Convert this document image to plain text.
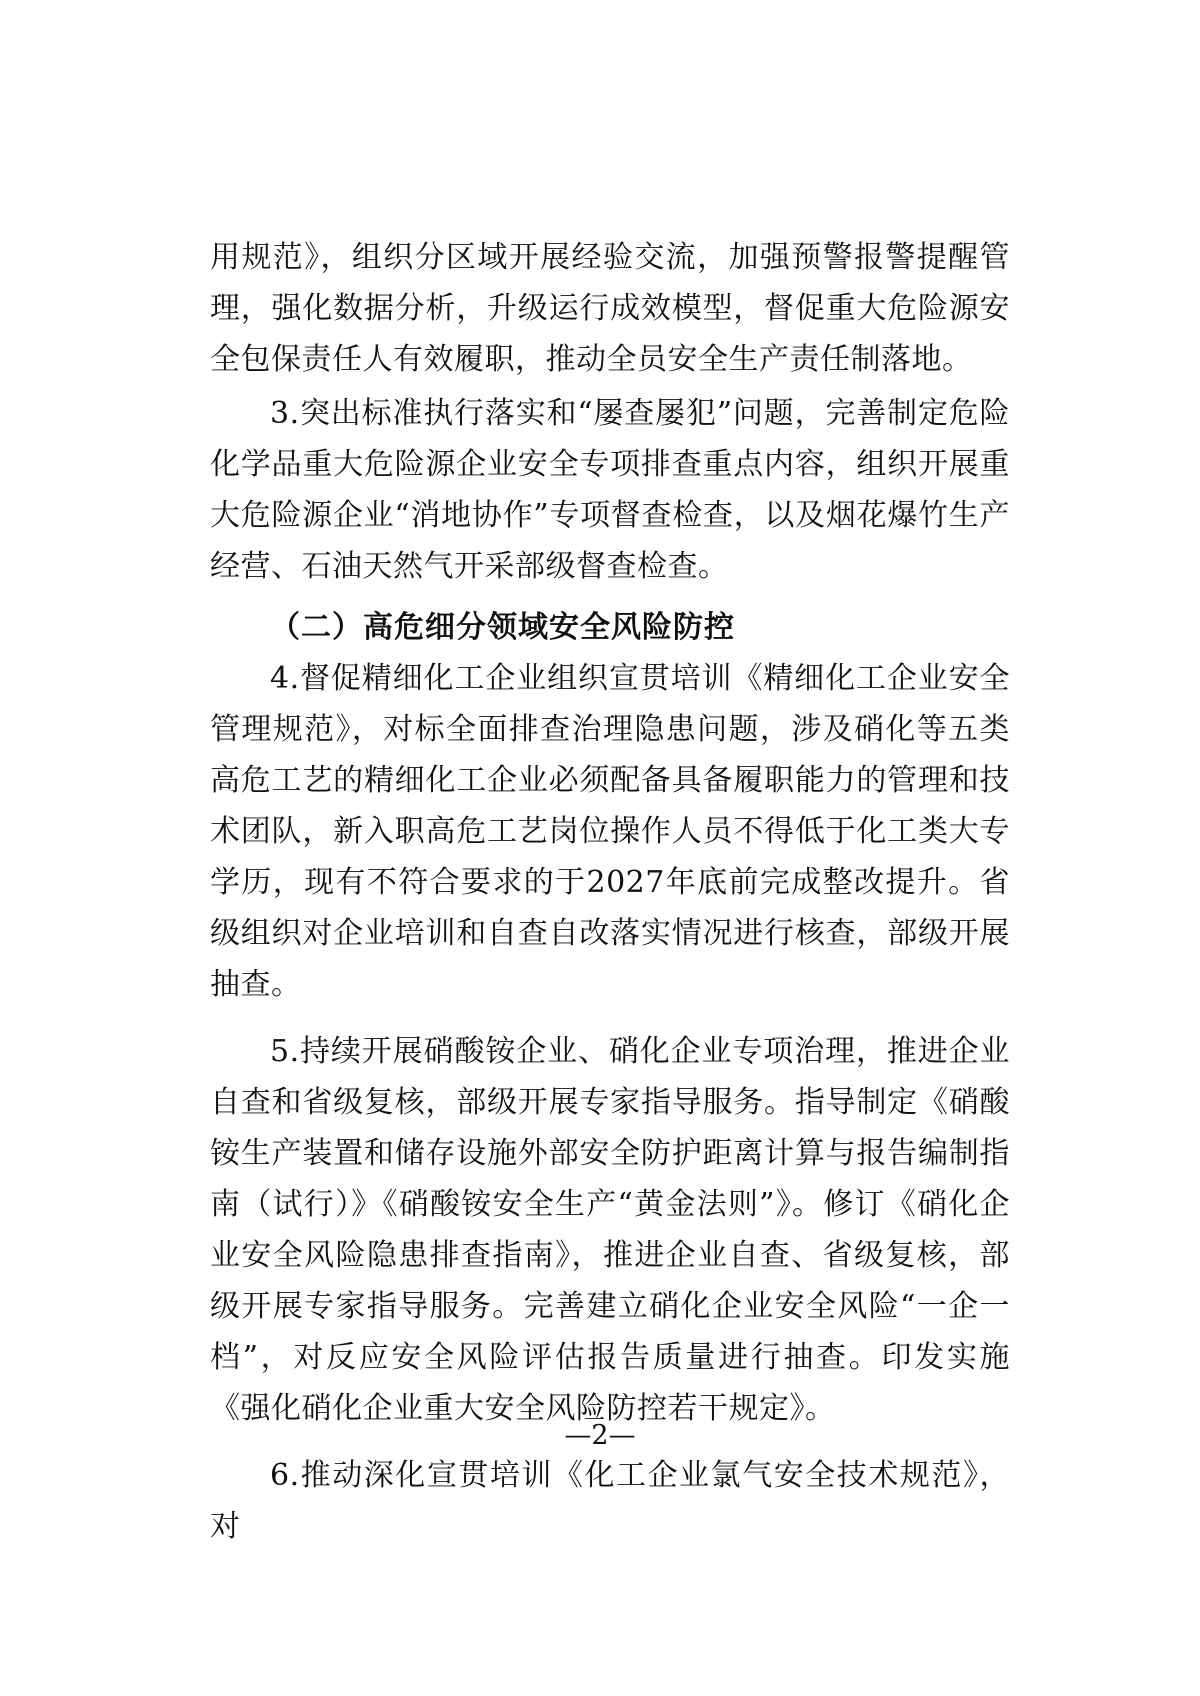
用规范》，组织分区域开展经验交流，加强预警报警提醒管理，强化数据分析，升级运行成效模型，督促重大危险源安全包保责任人有效履职，推动全员安全生产责任制落地。

3.突出标准执行落实和“屡查屡犯”问题，完善制定危险化学品重大危险源企业安全专项排查重点内容，组织开展重大危险源企业“消地协作”专项督查检查，以及烟花爆竹生产经营、石油天然气开采部级督查检查。

（二）高危细分领域安全风险防控

4.督促精细化工企业组织宣贯培训《精细化工企业安全管理规范》，对标全面排查治理隐患问题，涉及硝化等五类高危工艺的精细化工企业必须配备具备履职能力的管理和技术团队，新入职高危工艺岗位操作人员不得低于化工类大专学历，现有不符合要求的于2027年底前完成整改提升。省级组织对企业培训和自查自改落实情况进行核查，部级开展抽查。

5.持续开展硝酸铵企业、硝化企业专项治理，推进企业自查和省级复核，部级开展专家指导服务。指导制定《硝酸铵生产装置和储存设施外部安全防护距离计算与报告编制指南（试行）》《硝酸铵安全生产“黄金法则”》。修订《硝化企业安全风险隐患排查指南》，推进企业自查、省级复核，部级开展专家指导服务。完善建立硝化企业安全风险“一企一档”，对反应安全风险评估报告质量进行抽查。印发实施《强化硝化企业重大安全风险防控若干规定》。

6.推动深化宣贯培训《化工企业氯气安全技术规范》，对

—2—
